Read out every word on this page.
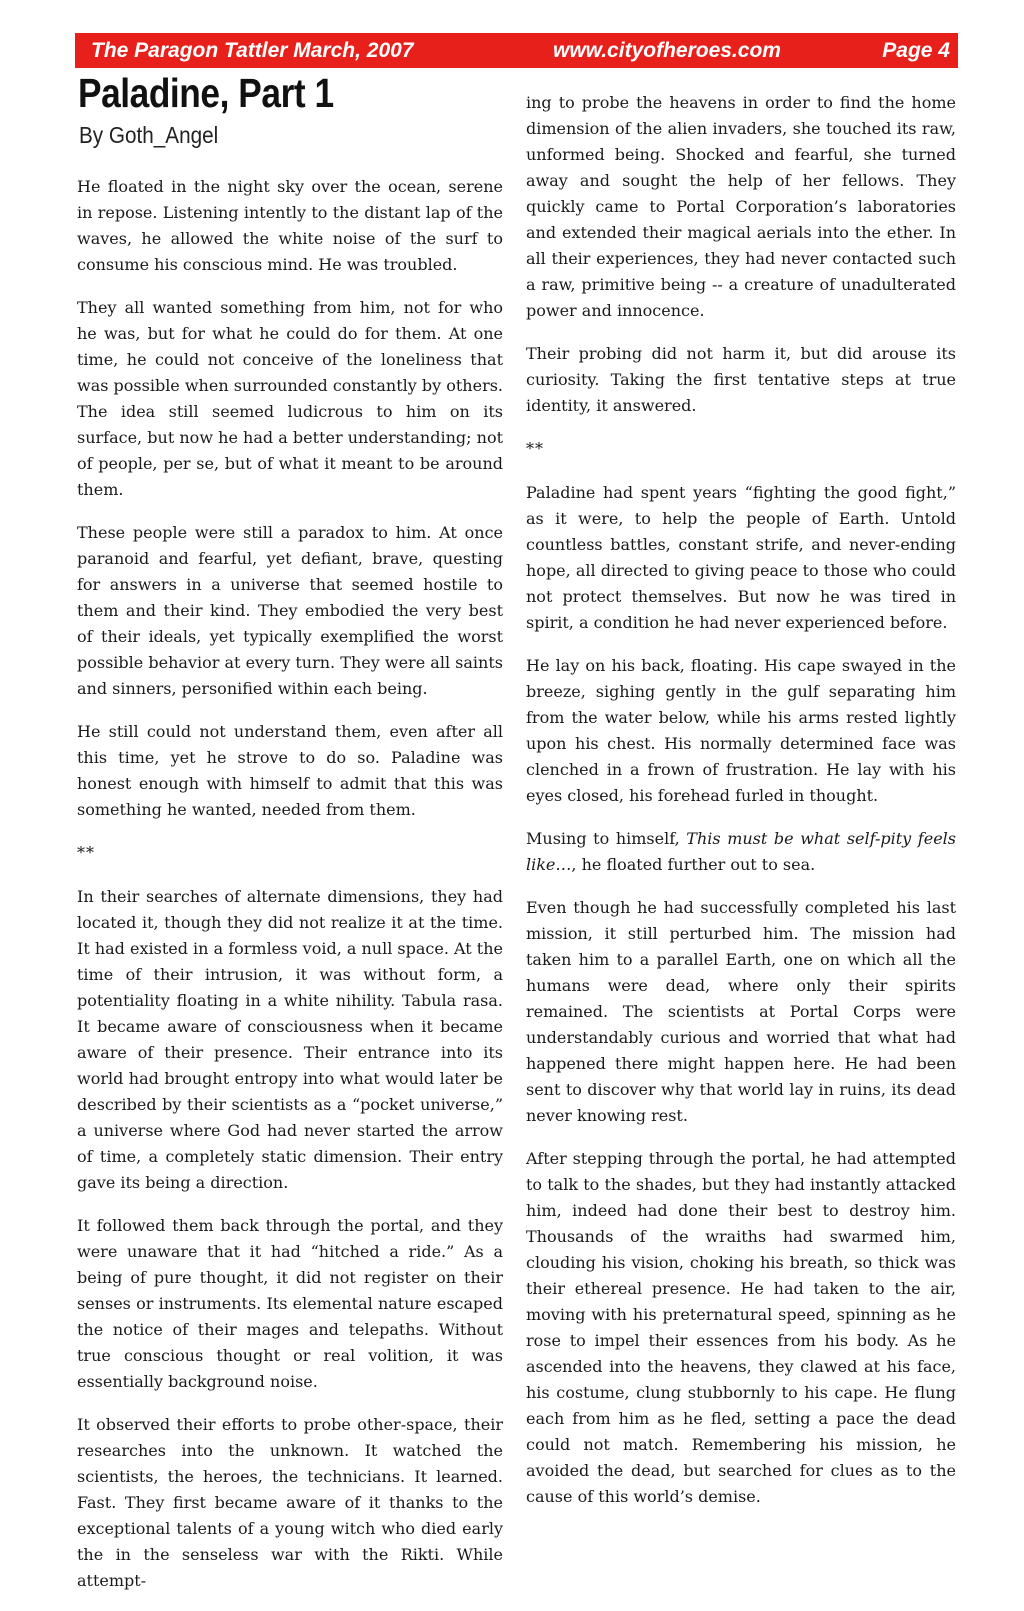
The Paragon Tattler March, 2007	www.cityofheroes.com	Page 4
Paladine, Part 1
By Goth_Angel

He floated in the night sky over the ocean, serene in repose. Listening intently to the distant lap of the waves, he allowed the white noise of the surf to consume his conscious mind. He was troubled.

They all wanted something from him, not for who he was, but for what he could do for them. At one time, he could not conceive of the loneliness that was possible when surrounded constantly by others. The idea still seemed ludicrous to him on its surface, but now he had a better understanding; not of people, per se, but of what it meant to be around them.

These people were still a paradox to him. At once paranoid and fearful, yet defiant, brave, questing for answers in a universe that seemed hostile to them and their kind. They embodied the very best of their ideals, yet typically exemplified the worst possible behavior at every turn. They were all saints and sinners, personified within each being.

He still could not understand them, even after all this time, yet he strove to do so. Paladine was honest enough with himself to admit that this was something he wanted, needed from them.

**

In their searches of alternate dimensions, they had located it, though they did not realize it at the time. It had existed in a formless void, a null space. At the time of their intrusion, it was without form, a potentiality floating in a white nihility. Tabula rasa. It became aware of consciousness when it became aware of their presence. Their entrance into its world had brought entropy into what would later be described by their scientists as a “pocket universe,” a universe where God had never started the arrow of time, a completely static dimension. Their entry gave its being a direction.

It followed them back through the portal, and they were unaware that it had “hitched a ride.” As a being of pure thought, it did not register on their senses or instruments. Its elemental nature escaped the notice of their mages and telepaths. Without true conscious thought or real volition, it was essentially background noise.

It observed their efforts to probe other-space, their researches into the unknown. It watched the scientists, the heroes, the technicians. It learned. Fast. They first became aware of it thanks to the exceptional talents of a young witch who died early the in the senseless war with the Rikti. While attempt-

ing to probe the heavens in order to find the home dimension of the alien invaders, she touched its raw, unformed being. Shocked and fearful, she turned away and sought the help of her fellows. They quickly came to Portal Corporation’s laboratories and extended their magical aerials into the ether. In all their experiences, they had never contacted such a raw, primitive being -- a creature of unadulterated power and innocence.

Their probing did not harm it, but did arouse its curiosity. Taking the first tentative steps at true identity, it answered.

**

Paladine had spent years “fighting the good fight,” as it were, to help the people of Earth. Untold countless battles, constant strife, and never-ending hope, all directed to giving peace to those who could not protect themselves. But now he was tired in spirit, a condition he had never experienced before.

He lay on his back, floating. His cape swayed in the breeze, sighing gently in the gulf separating him from the water below, while his arms rested lightly upon his chest. His normally determined face was clenched in a frown of frustration. He lay with his eyes closed, his forehead furled in thought.

Musing to himself, This must be what self-pity feels like…, he floated further out to sea.

Even though he had successfully completed his last mission, it still perturbed him. The mission had taken him to a parallel Earth, one on which all the humans were dead, where only their spirits remained. The scientists at Portal Corps were understandably curious and worried that what had happened there might happen here. He had been sent to discover why that world lay in ruins, its dead never knowing rest.

After stepping through the portal, he had attempted to talk to the shades, but they had instantly attacked him, indeed had done their best to destroy him. Thousands of the wraiths had swarmed him, clouding his vision, choking his breath, so thick was their ethereal presence. He had taken to the air, moving with his preternatural speed, spinning as he rose to impel their essences from his body. As he ascended into the heavens, they clawed at his face, his costume, clung stubbornly to his cape. He flung each from him as he fled, setting a pace the dead could not match. Remembering his mission, he avoided the dead, but searched for clues as to the cause of this world’s demise.
